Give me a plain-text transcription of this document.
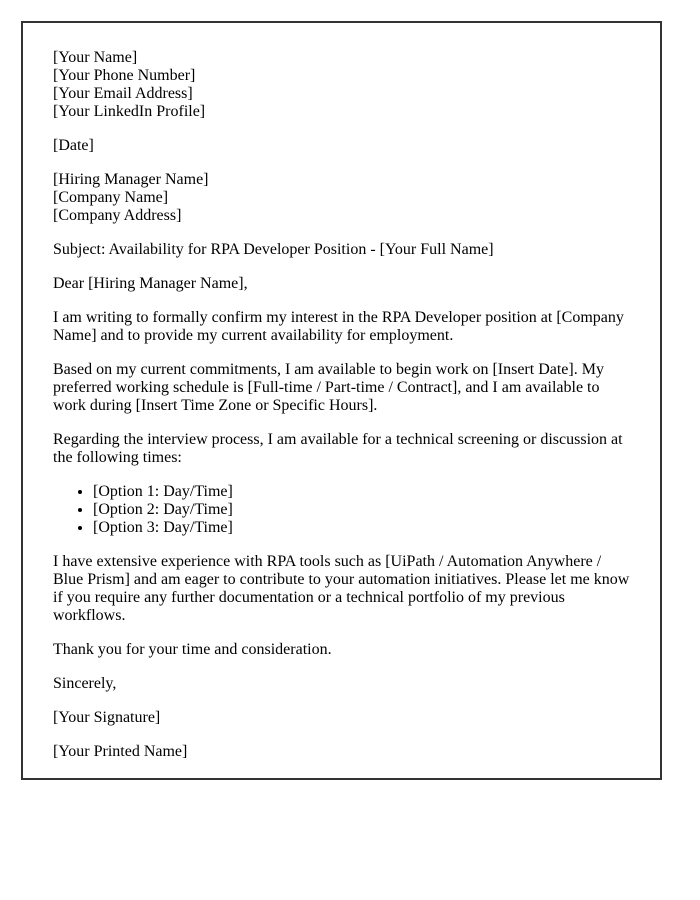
[Your Name]
[Your Phone Number]
[Your Email Address]
[Your LinkedIn Profile]

[Date]

[Hiring Manager Name]
[Company Name]
[Company Address]

Subject: Availability for RPA Developer Position - [Your Full Name]

Dear [Hiring Manager Name],

I am writing to formally confirm my interest in the RPA Developer position at [Company Name] and to provide my current availability for employment.

Based on my current commitments, I am available to begin work on [Insert Date]. My preferred working schedule is [Full-time / Part-time / Contract], and I am available to work during [Insert Time Zone or Specific Hours].

Regarding the interview process, I am available for a technical screening or discussion at the following times:

• [Option 1: Day/Time]
• [Option 2: Day/Time]
• [Option 3: Day/Time]

I have extensive experience with RPA tools such as [UiPath / Automation Anywhere / Blue Prism] and am eager to contribute to your automation initiatives. Please let me know if you require any further documentation or a technical portfolio of my previous workflows.

Thank you for your time and consideration.

Sincerely,

[Your Signature]

[Your Printed Name]
